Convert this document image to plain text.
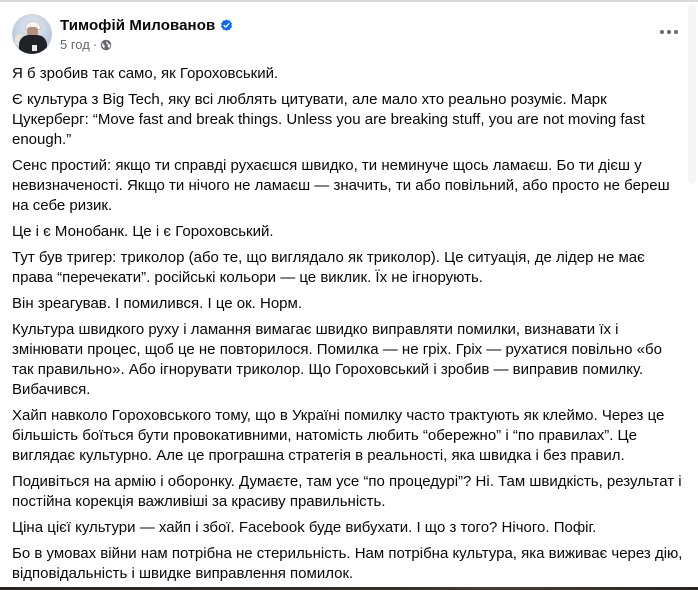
Тимофій Милованов
5 год ·

Я б зробив так само, як Гороховський.

Є культура з Big Tech, яку всі люблять цитувати, але мало хто реально розуміє. Марк Цукерберг: “Move fast and break things. Unless you are breaking stuff, you are not moving fast enough.”

Сенс простий: якщо ти справді рухаєшся швидко, ти неминуче щось ламаєш. Бо ти дієш у невизначеності. Якщо ти нічого не ламаєш — значить, ти або повільний, або просто не береш на себе ризик.

Це і є Монобанк. Це і є Гороховський.

Тут був тригер: триколор (або те, що виглядало як триколор). Це ситуація, де лідер не має права “перечекати”. російські кольори — це виклик. Їх не ігнорують.

Він зреагував. І помилився. І це ок. Норм.

Культура швидкого руху і ламання вимагає швидко виправляти помилки, визнавати їх і змінювати процес, щоб це не повторилося. Помилка — не гріх. Гріх — рухатися повільно «бо так правильно». Або ігнорувати триколор. Що Гороховський і зробив — виправив помилку. Вибачився.

Хайп навколо Гороховського тому, що в Україні помилку часто трактують як клеймо. Через це більшість боїться бути провокативними, натомість любить “обережно” і “по правилах”. Це виглядає культурно. Але це програшна стратегія в реальності, яка швидка і без правил.

Подивіться на армію і оборонку. Думаєте, там усе “по процедурі”? Ні. Там швидкість, результат і постійна корекція важливіші за красиву правильність.

Ціна цієї культури — хайп і збої. Facebook буде вибухати. І що з того? Нічого. Пофіг.

Бо в умовах війни нам потрібна не стерильність. Нам потрібна культура, яка виживає через дію, відповідальність і швидке виправлення помилок.
